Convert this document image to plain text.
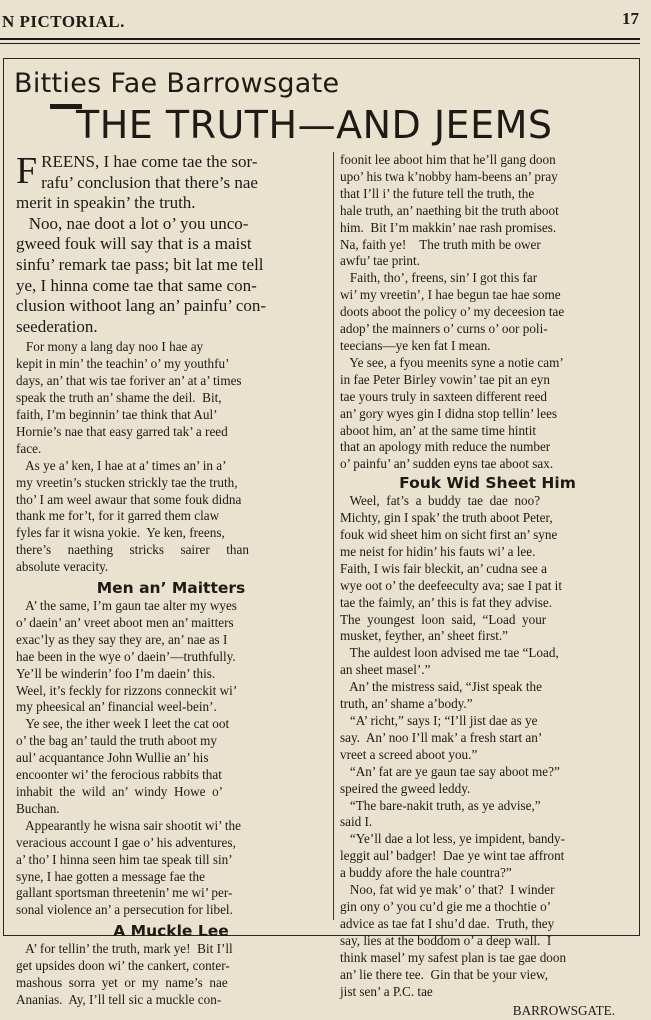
N PICTORIAL.	17
Bitties Fae Barrowsgate
THE TRUTH—AND JEEMS
F REENS, I hae come tae the sor-
rafu’ conclusion that there’s nae
merit in speakin’ the truth.
Noo, nae doot a lot o’ you unco-
gweed fouk will say that is a maist
sinfu’ remark tae pass; bit lat me tell
ye, I hinna come tae that same con-
clusion withoot lang an’ painfu’ con-
seederation.
For mony a lang day noo I hae ay
kepit in min’ the teachin’ o’ my youthfu’
days, an’ that wis tae foriver an’ at a’ times
speak the truth an’ shame the deil.  Bit,
faith, I’m beginnin’ tae think that Aul’
Hornie’s nae that easy garred tak’ a reed
face.
As ye a’ ken, I hae at a’ times an’ in a’
my vreetin’s stucken strickly tae the truth,
tho’ I am weel awaur that some fouk didna
thank me for’t, for it garred them claw
fyles far it wisna yokie.  Ye ken, freens,
there’s     naething     stricks     sairer     than
absolute veracity.
Men an’ Maitters
A’ the same, I’m gaun tae alter my wyes
o’ daein’ an’ vreet aboot men an’ maitters
exac’ly as they say they are, an’ nae as I
hae been in the wye o’ daein’—truthfully.
Ye’ll be winderin’ foo I’m daein’ this.
Weel, it’s feckly for rizzons conneckit wi’
my pheesical an’ financial weel-bein’.
Ye see, the ither week I leet the cat oot
o’ the bag an’ tauld the truth aboot my
aul’ acquantance John Wullie an’ his
encoonter wi’ the ferocious rabbits that
inhabit  the  wild  an’  windy  Howe  o’
Buchan.
Appearantly he wisna sair shootit wi’ the
veracious account I gae o’ his adventures,
a’ tho’ I hinna seen him tae speak till sin’
syne, I hae gotten a message fae the
gallant sportsman threetenin’ me wi’ per-
sonal violence an’ a persecution for libel.
A Muckle Lee
A’ for tellin’ the truth, mark ye!  Bit I’ll
get upsides doon wi’ the cankert, conter-
mashous  sorra  yet  or  my  name’s  nae
Ananias.  Ay, I’ll tell sic a muckle con-
foonit lee aboot him that he’ll gang doon
upo’ his twa k’nobby ham-beens an’ pray
that I’ll i’ the future tell the truth, the
hale truth, an’ naething bit the truth aboot
him.  Bit I’m makkin’ nae rash promises.
Na, faith ye!    The truth mith be ower
awfu’ tae print.
Faith, tho’, freens, sin’ I got this far
wi’ my vreetin’, I hae begun tae hae some
doots aboot the policy o’ my deceesion tae
adop’ the mainners o’ curns o’ oor poli-
teecians—ye ken fat I mean.
Ye see, a fyou meenits syne a notie cam’
in fae Peter Birley vowin’ tae pit an eyn
tae yours truly in saxteen different reed
an’ gory wyes gin I didna stop tellin’ lees
aboot him, an’ at the same time hintit
that an apology mith reduce the number
o’ painfu’ an’ sudden eyns tae aboot sax.
Fouk Wid Sheet Him
Weel,  fat’s  a  buddy  tae  dae  noo?
Michty, gin I spak’ the truth aboot Peter,
fouk wid sheet him on sicht first an’ syne
me neist for hidin’ his fauts wi’ a lee.
Faith, I wis fair bleckit, an’ cudna see a
wye oot o’ the deefeeculty ava; sae I pat it
tae the faimly, an’ this is fat they advise.
The  youngest  loon  said,  “Load  your
musket, feyther, an’ sheet first.”
The auldest loon advised me tae “Load,
an sheet masel’.”
An’ the mistress said, “Jist speak the
truth, an’ shame a’body.”
“A’ richt,” says I; “I’ll jist dae as ye
say.  An’ noo I’ll mak’ a fresh start an’
vreet a screed aboot you.”
“An’ fat are ye gaun tae say aboot me?”
speired the gweed leddy.
“The bare-nakit truth, as ye advise,”
said I.
“Ye’ll dae a lot less, ye impident, bandy-
leggit aul’ badger!  Dae ye wint tae affront
a buddy afore the hale countra?”
Noo, fat wid ye mak’ o’ that?  I winder
gin ony o’ you cu’d gie me a thochtie o’
advice as tae fat I shu’d dae.  Truth, they
say, lies at the boddom o’ a deep wall.  I
think masel’ my safest plan is tae gae doon
an’ lie there tee.  Gin that be your view,
jist sen’ a P.C. tae
BARROWSGATE.
